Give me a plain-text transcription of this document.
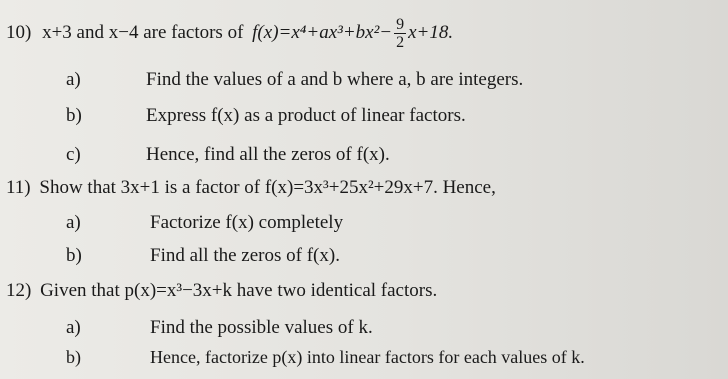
10) x+3 and x−4 are factors of $f(x)=x^4+ax^3+bx^2- \frac{9}{2} x+18$.
a)	Find the values of a and b where a, b are integers.
b)	Express f(x) as a product of linear factors.
c)	Hence, find all the zeros of f(x).
11) Show that 3x+1 is a factor of f(x)=3x³+25x²+29x+7. Hence,
a)	Factorize f(x) completely
b)	Find all the zeros of f(x).
12) Given that p(x)=x³−3x+k have two identical factors.
a)	Find the possible values of k.
b)	Hence, factorize p(x) into linear factors for each values of k.
